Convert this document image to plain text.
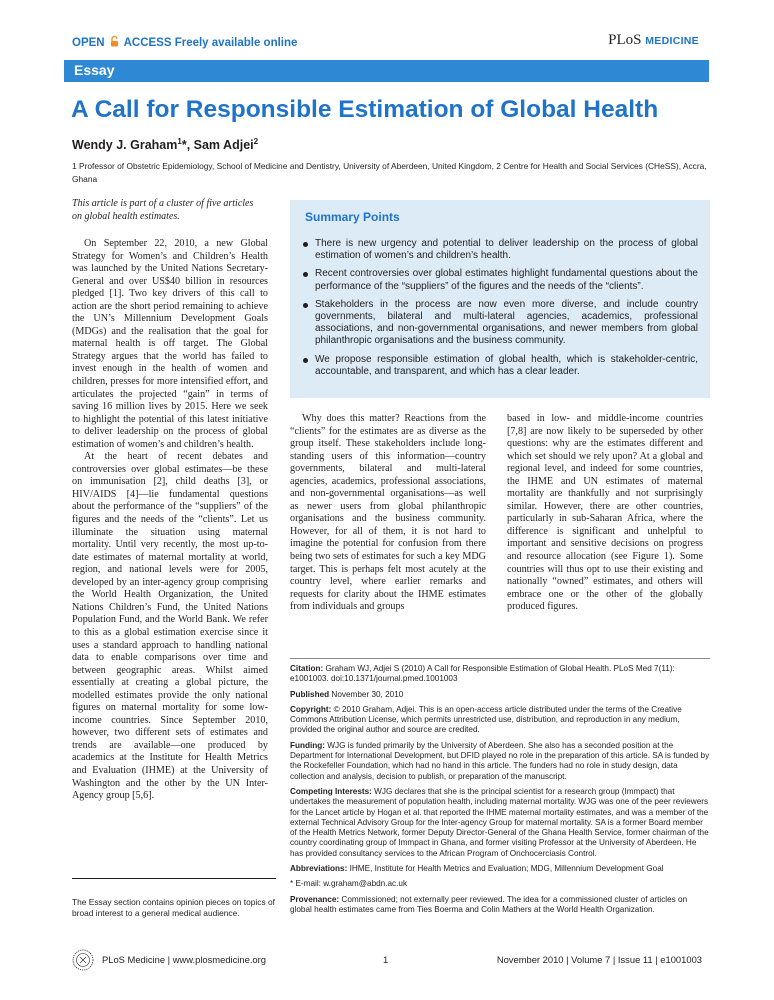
OPEN ACCESS Freely available online	PLoS MEDICINE
Essay
A Call for Responsible Estimation of Global Health
Wendy J. Graham$^1$*, Sam Adjei$^2$
1 Professor of Obstetric Epidemiology, School of Medicine and Dentistry, University of Aberdeen, United Kingdom, 2 Centre for Health and Social Services (CHeSS), Accra, Ghana
This article is part of a cluster of five articles on global health estimates.

On September 22, 2010, a new Global Strategy for Women’s and Children’s Health was launched by the United Nations Secretary-General and over US$40 billion in resources pledged [1]. Two key drivers of this call to action are the short period remaining to achieve the UN’s Millennium Development Goals (MDGs) and the realisation that the goal for maternal health is off target. The Global Strategy argues that the world has failed to invest enough in the health of women and children, presses for more intensified effort, and articulates the projected “gain” in terms of saving 16 million lives by 2015. Here we seek to highlight the potential of this latest initiative to deliver leadership on the process of global estimation of women’s and children’s health.

At the heart of recent debates and controversies over global estimates—be these on immunisation [2], child deaths [3], or HIV/AIDS [4]—lie fundamental questions about the performance of the “suppliers” of the figures and the needs of the “clients”. Let us illuminate the situation using maternal mortality. Until very recently, the most up-to-date estimates of maternal mortality at world, region, and national levels were for 2005, developed by an inter-agency group comprising the World Health Organization, the United Nations Children’s Fund, the United Nations Population Fund, and the World Bank. We refer to this as a global estimation exercise since it uses a standard approach to handling national data to enable comparisons over time and between geographic areas. Whilst aimed essentially at creating a global picture, the modelled estimates provide the only national figures on maternal mortality for some low-income countries. Since September 2010, however, two different sets of estimates and trends are available—one produced by academics at the Institute for Health Metrics and Evaluation (IHME) at the University of Washington and the other by the UN Inter-Agency group [5,6].

The Essay section contains opinion pieces on topics of broad interest to a general medical audience.
Summary Points
There is new urgency and potential to deliver leadership on the process of global estimation of women’s and children’s health.
Recent controversies over global estimates highlight fundamental questions about the performance of the “suppliers” of the figures and the needs of the “clients”.
Stakeholders in the process are now even more diverse, and include country governments, bilateral and multi-lateral agencies, academics, professional associations, and non-governmental organisations, and newer members from global philanthropic organisations and the business community.
We propose responsible estimation of global health, which is stakeholder-centric, accountable, and transparent, and which has a clear leader.

Why does this matter? Reactions from the “clients” for the estimates are as diverse as the group itself. These stakeholders include long-standing users of this information—country governments, bilateral and multi-lateral agencies, academics, professional associations, and non-governmental organisations—as well as newer users from global philanthropic organisations and the business community. However, for all of them, it is not hard to imagine the potential for confusion from there being two sets of estimates for such a key MDG target. This is perhaps felt most acutely at the country level, where earlier remarks and requests for clarity about the IHME estimates from individuals and groups

based in low- and middle-income countries [7,8] are now likely to be superseded by other questions: why are the estimates different and which set should we rely upon? At a global and regional level, and indeed for some countries, the IHME and UN estimates of maternal mortality are thankfully and not surprisingly similar. However, there are other countries, particularly in sub-Saharan Africa, where the difference is significant and unhelpful to important and sensitive decisions on progress and resource allocation (see Figure 1). Some countries will thus opt to use their existing and nationally “owned” estimates, and others will embrace one or the other of the globally produced figures.

Citation: Graham WJ, Adjei S (2010) A Call for Responsible Estimation of Global Health. PLoS Med 7(11): e1001003. doi:10.1371/journal.pmed.1001003

Published November 30, 2010

Copyright: © 2010 Graham, Adjei. This is an open-access article distributed under the terms of the Creative Commons Attribution License, which permits unrestricted use, distribution, and reproduction in any medium, provided the original author and source are credited.

Funding: WJG is funded primarily by the University of Aberdeen. She also has a seconded position at the Department for International Development, but DFID played no role in the preparation of this article. SA is funded by the Rockefeller Foundation, which had no hand in this article. The funders had no role in study design, data collection and analysis, decision to publish, or preparation of the manuscript.

Competing Interests: WJG declares that she is the principal scientist for a research group (Immpact) that undertakes the measurement of population health, including maternal mortality. WJG was one of the peer reviewers for the Lancet article by Hogan et al. that reported the IHME maternal mortality estimates, and was a member of the external Technical Advisory Group for the Inter-agency Group for maternal mortality. SA is a former Board member of the Health Metrics Network, former Deputy Director-General of the Ghana Health Service, former chairman of the country coordinating group of Immpact in Ghana, and former visiting Professor at the University of Aberdeen. He has provided consultancy services to the African Program of Onchocerciasis Control.

Abbreviations: IHME, Institute for Health Metrics and Evaluation; MDG, Millennium Development Goal

* E-mail: w.graham@abdn.ac.uk

Provenance: Commissioned; not externally peer reviewed. The idea for a commissioned cluster of articles on global health estimates came from Ties Boerma and Colin Mathers at the World Health Organization.

PLoS Medicine | www.plosmedicine.org	1	November 2010 | Volume 7 | Issue 11 | e1001003
